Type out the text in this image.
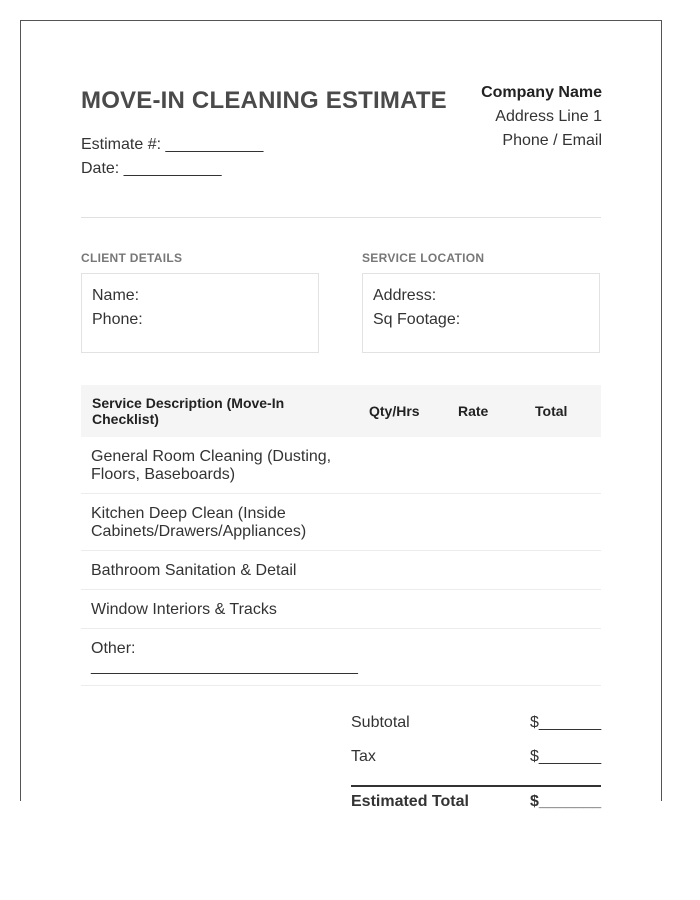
MOVE-IN CLEANING ESTIMATE
Estimate #: ___________
Date: ___________
Company Name
Address Line 1
Phone / Email
CLIENT DETAILS
Name:
Phone:
SERVICE LOCATION
Address:
Sq Footage:
Service Description (Move-In Checklist)	Qty/Hrs	Rate	Total
General Room Cleaning (Dusting, Floors, Baseboards)
Kitchen Deep Clean (Inside Cabinets/Drawers/Appliances)
Bathroom Sanitation & Detail
Window Interiors & Tracks
Other: ______________________________
Subtotal	$_______
Tax	$_______
Estimated Total	$_______
